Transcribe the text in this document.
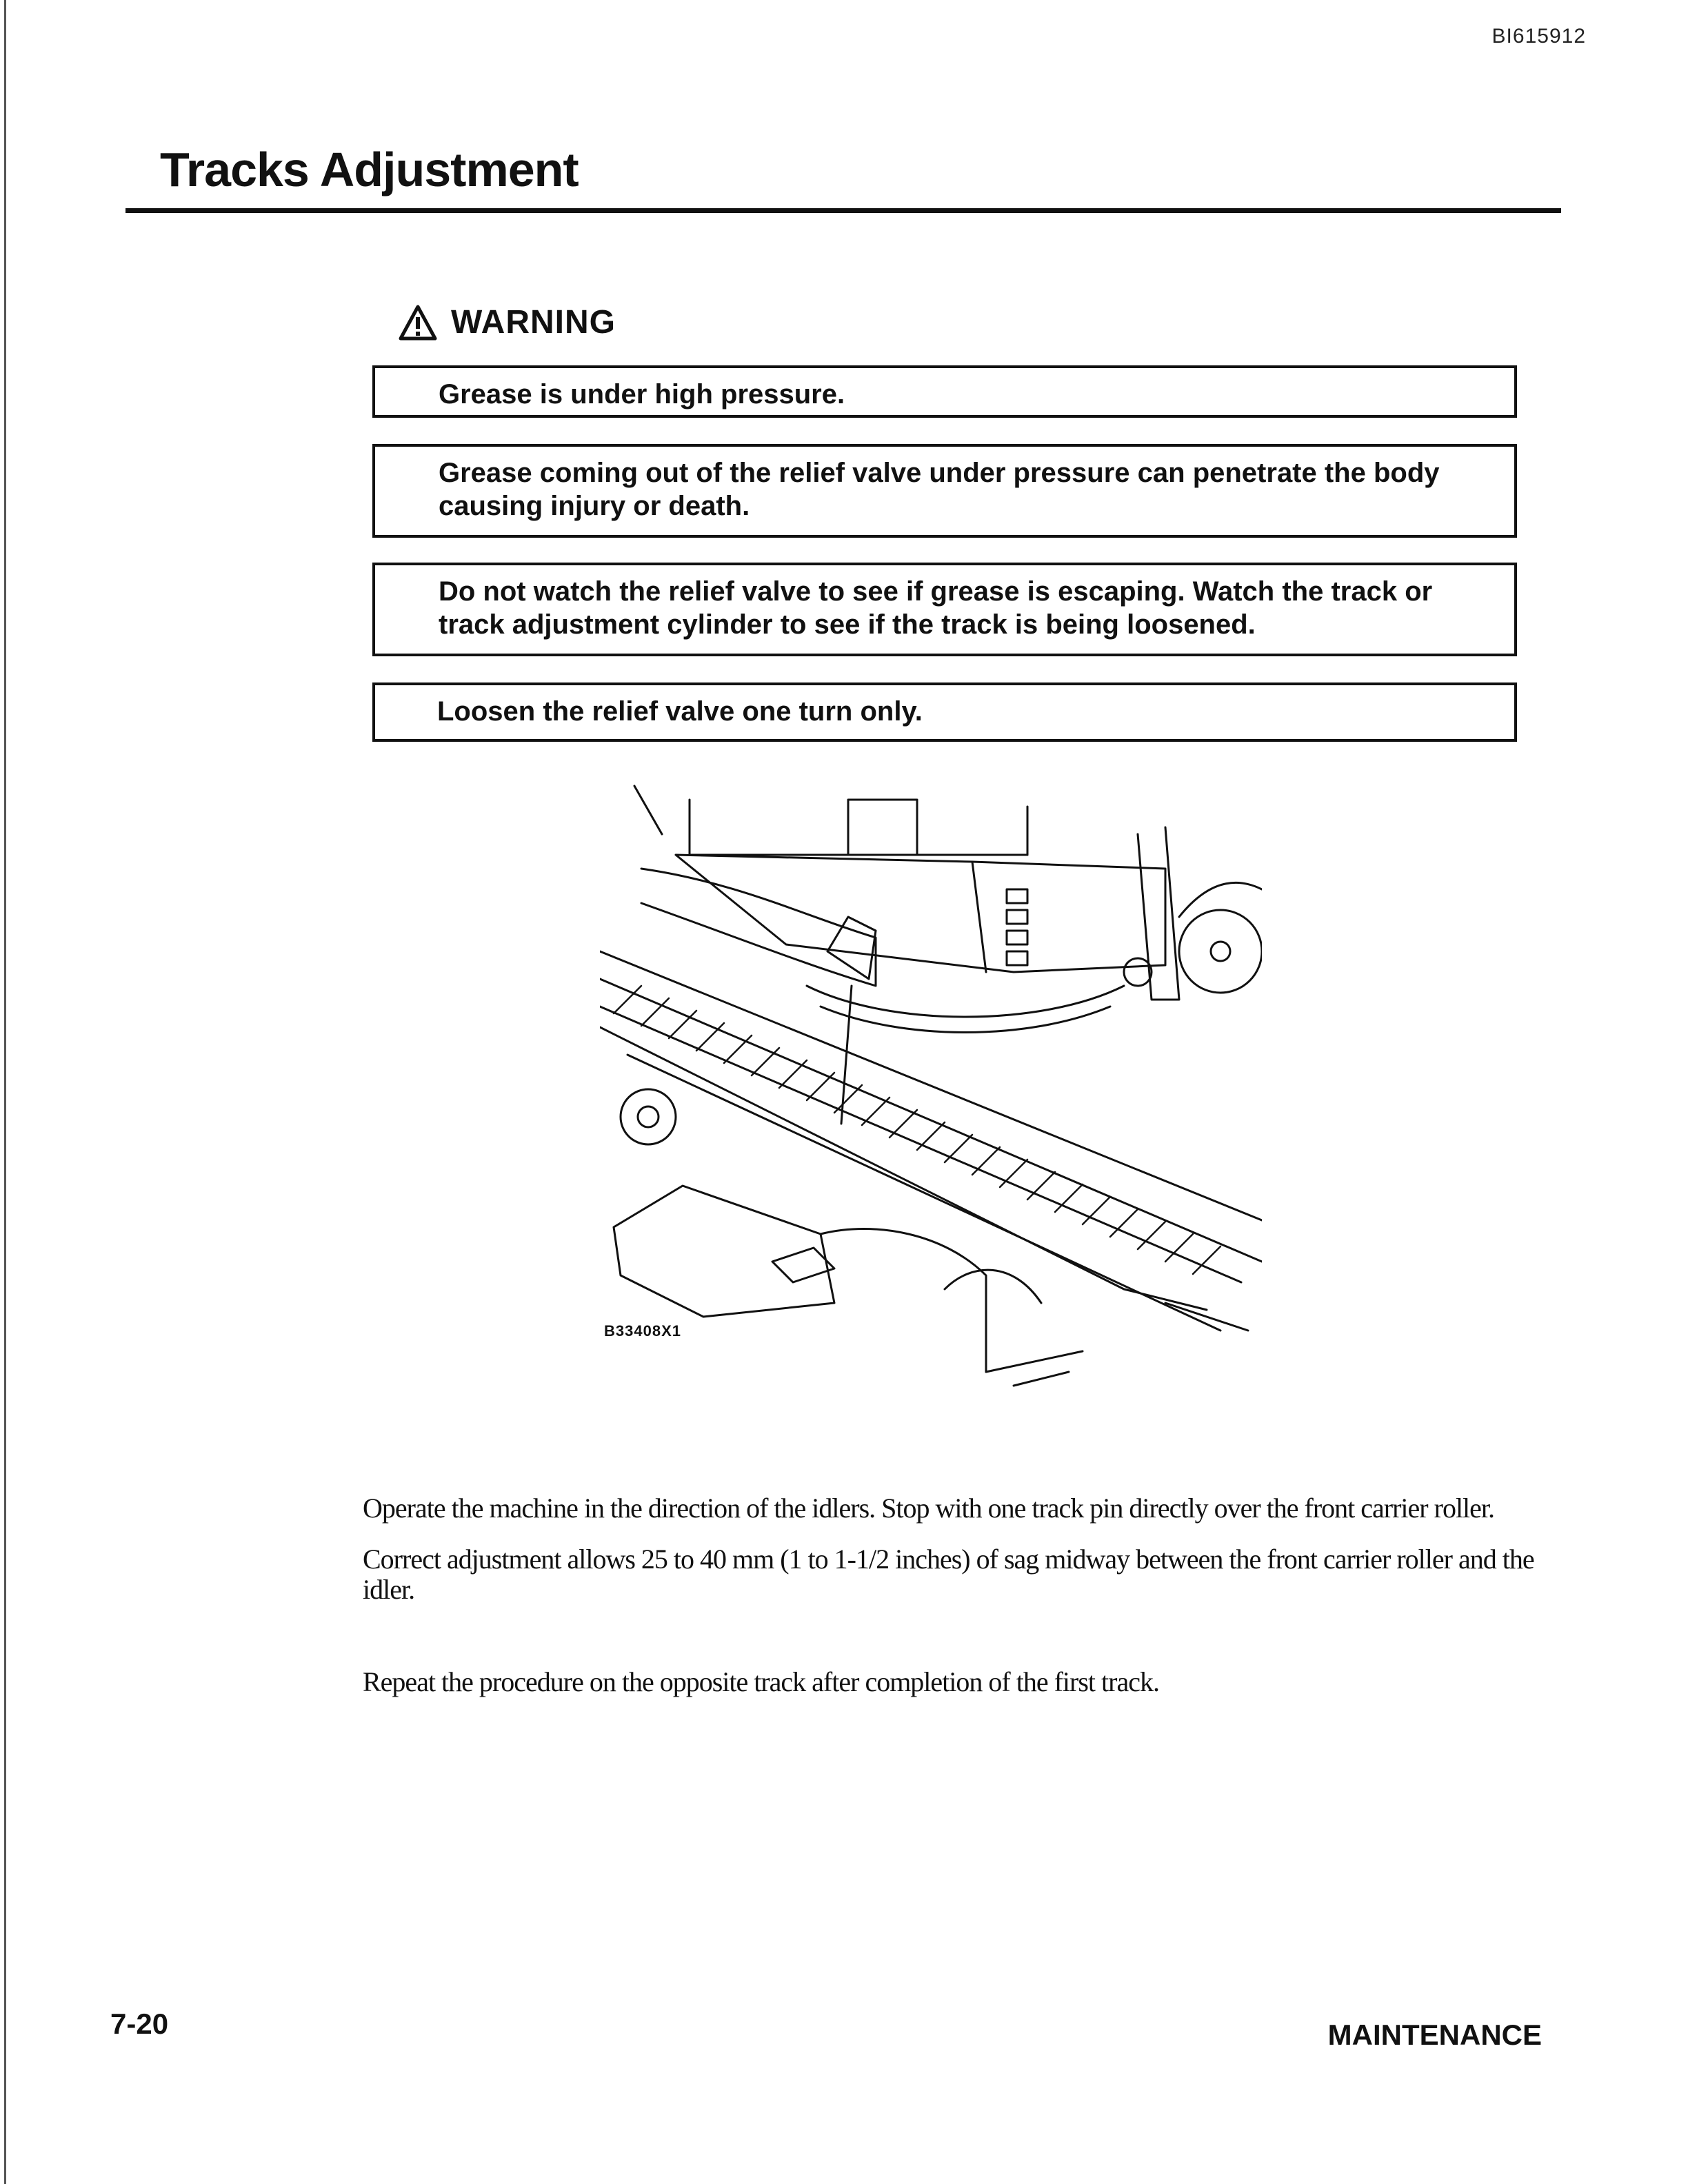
BI615912
Tracks Adjustment
WARNING
Grease is under high pressure.
Grease coming out of the relief valve under pressure can penetrate the body causing injury or death.
Do not watch the relief valve to see if grease is escaping. Watch the track or track adjustment cylinder to see if the track is being loosened.
Loosen the relief valve one turn only.
B33408X1

Operate the machine in the direction of the idlers. Stop with one track pin directly over the front carrier roller.

Correct adjustment allows 25 to 40 mm (1 to 1-1/2 inches) of sag midway between the front carrier roller and the idler.

Repeat the procedure on the opposite track after completion of the first track.

7-20	MAINTENANCE
